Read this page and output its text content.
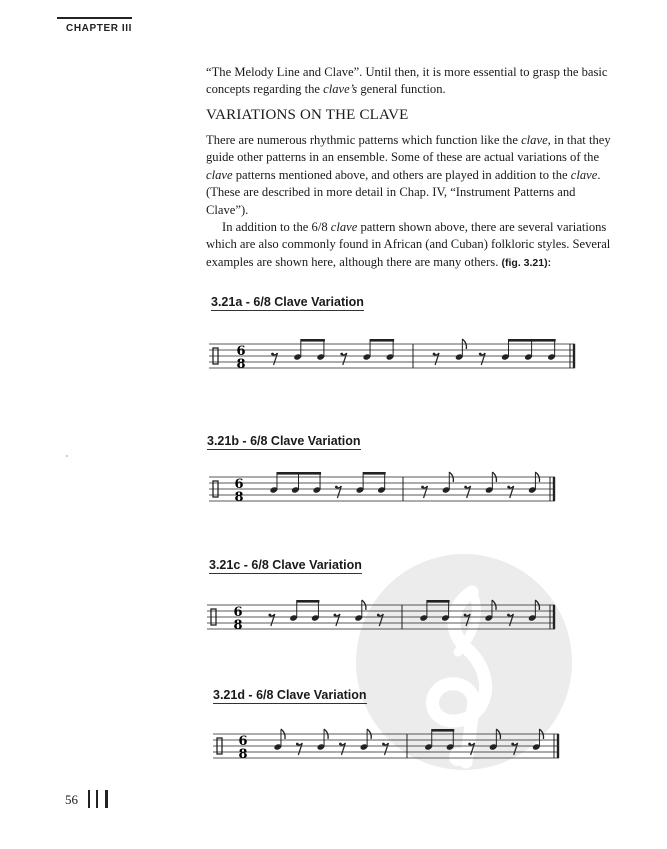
CHAPTER III

“The Melody Line and Clave”. Until then, it is more essential to grasp the basic

concepts regarding the clave’s general function.

VARIATIONS ON THE CLAVE

There are numerous rhythmic patterns which function like the clave, in that they guide other patterns in an ensemble. Some of these are actual variations of the clave patterns mentioned above, and others are played in addition to the clave. (These are described in more detail in Chap. IV, “Instrument Patterns and Clave”).

In addition to the 6/8 clave pattern shown above, there are several variations which are also commonly found in African (and Cuban) folkloric styles. Several examples are shown here, although there are many others. (fig. 3.21):

3.21a - 6/8 Clave Variation
6
8
3.21b - 6/8 Clave Variation
6
8
3.21c - 6/8 Clave Variation
6
8
3.21d - 6/8 Clave Variation
6
8
56
